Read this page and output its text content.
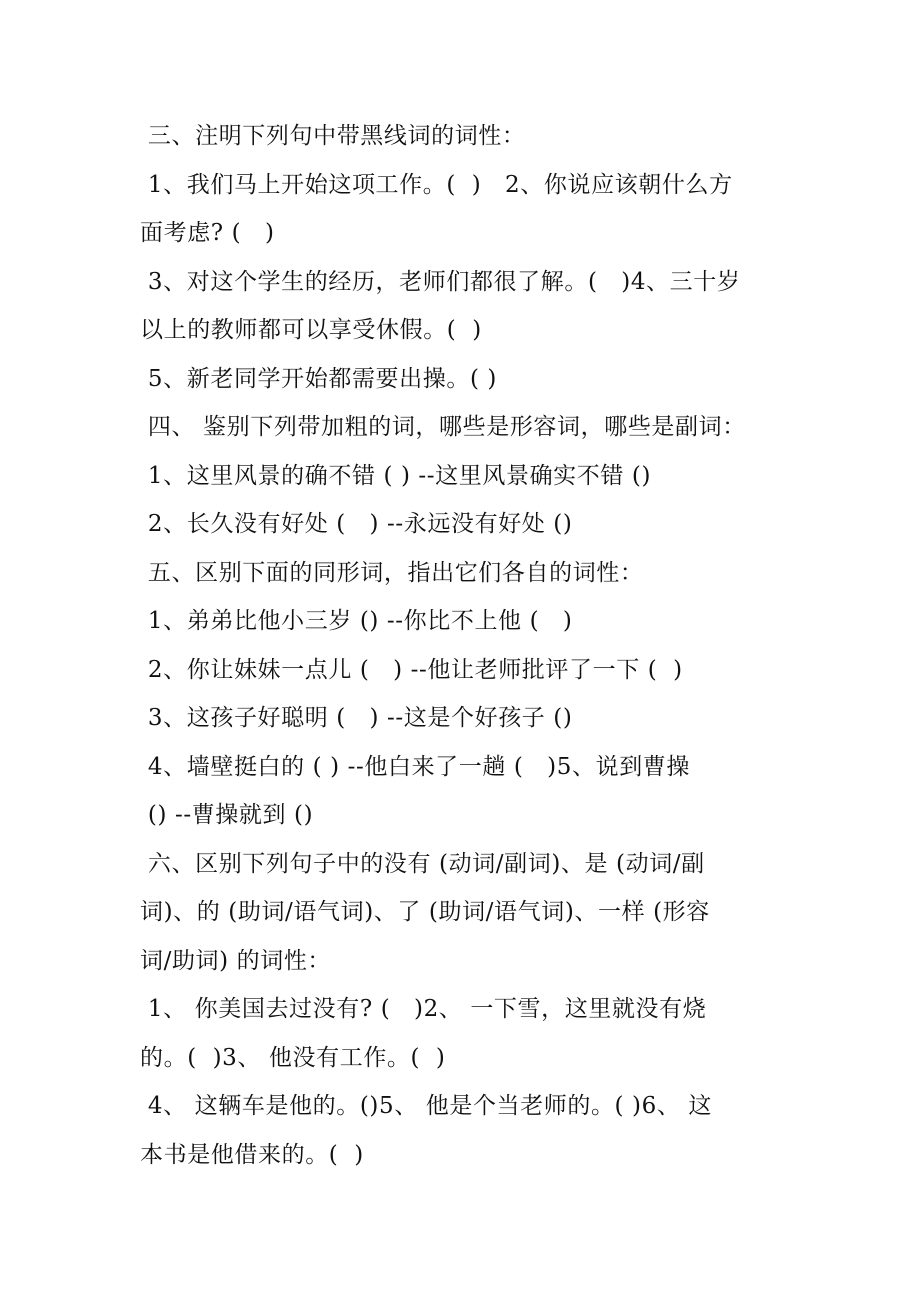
三、注明下列句中带黑线词的词性：
1、我们马上开始这项工作。(  )   2、你说应该朝什么方
面考虑? (   )
3、对这个学生的经历，老师们都很了解。(   )4、三十岁
以上的教师都可以享受休假。(  )
5、新老同学开始都需要出操。( )
四、 鉴别下列带加粗的词，哪些是形容词，哪些是副词：
1、这里风景的确不错 ( ) --这里风景确实不错 ()
2、长久没有好处 (   ) --永远没有好处 ()
五、区别下面的同形词，指出它们各自的词性：
1、弟弟比他小三岁 () --你比不上他 (   )
2、你让妹妹一点儿 (   ) --他让老师批评了一下 (  )
3、这孩子好聪明 (   ) --这是个好孩子 ()
4、墙壁挺白的 ( ) --他白来了一趟 (   )5、说到曹操
() --曹操就到 ()
六、区别下列句子中的没有 (动词/副词)、是 (动词/副
词)、的 (助词/语气词)、了 (助词/语气词)、一样 (形容
词/助词) 的词性：
1、 你美国去过没有? (   )2、 一下雪，这里就没有烧
的。(  )3、 他没有工作。(  )
4、 这辆车是他的。()5、 他是个当老师的。( )6、 这
本书是他借来的。(  )
